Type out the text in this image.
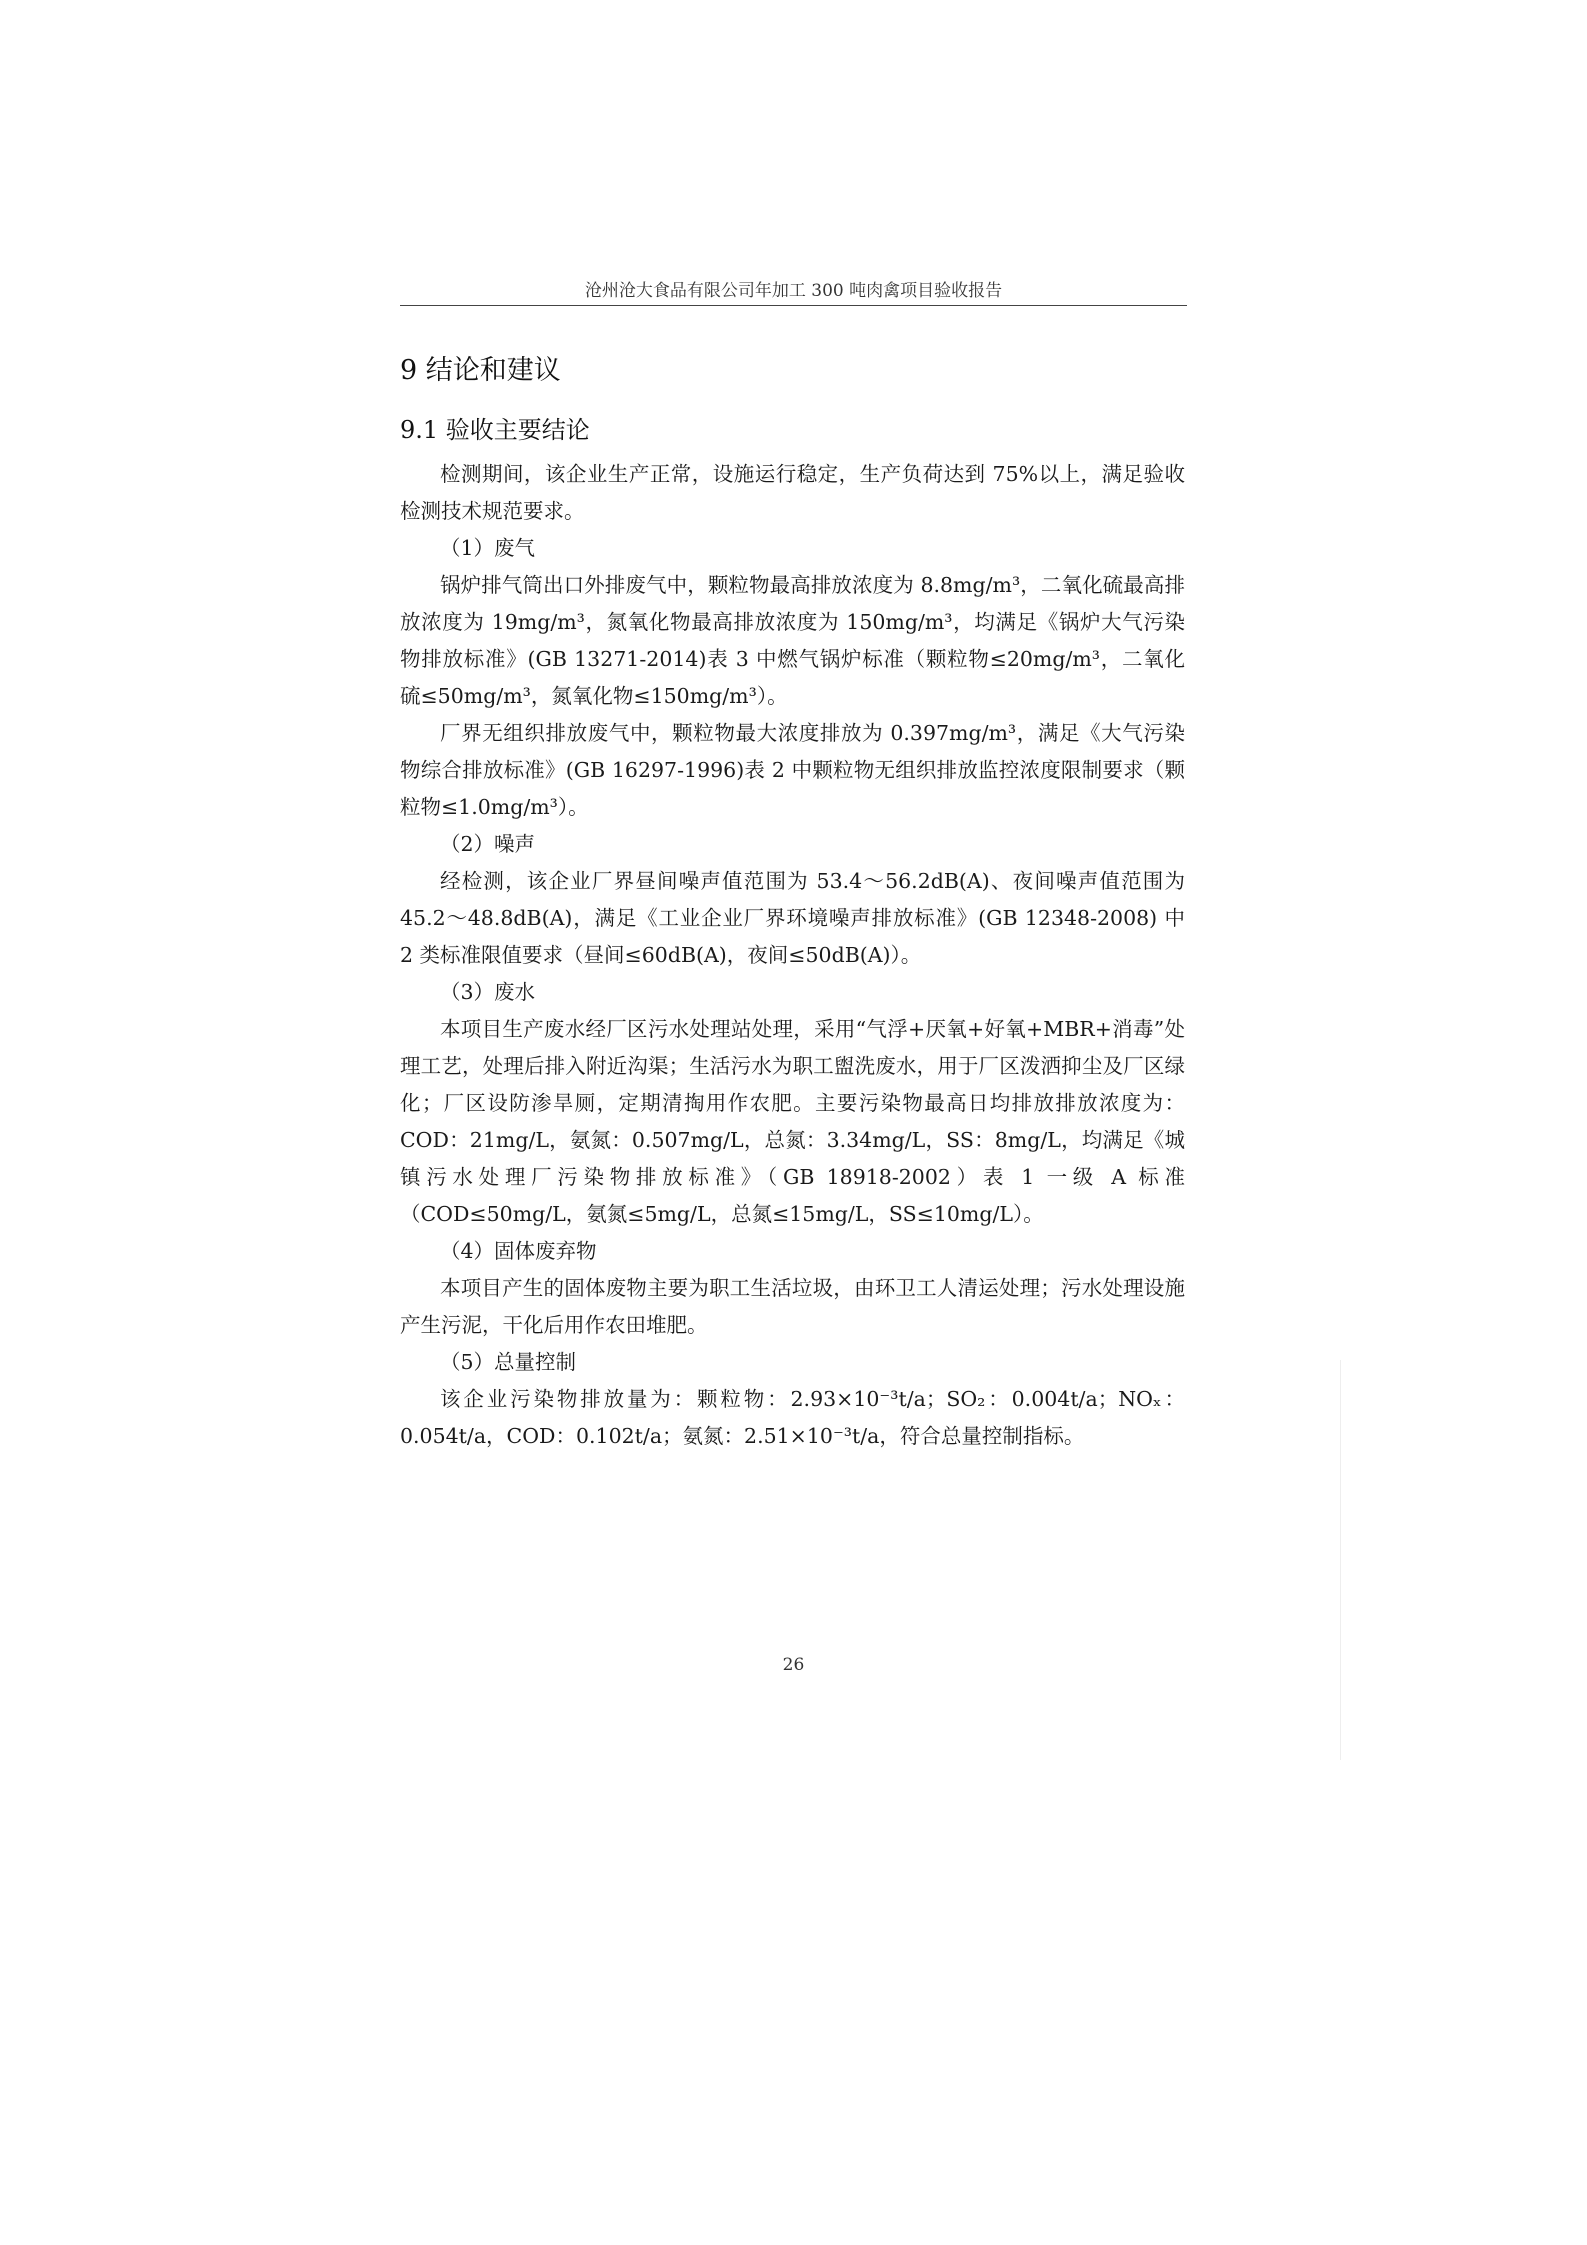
沧州沧大食品有限公司年加工 300 吨肉禽项目验收报告
9 结论和建议
9.1 验收主要结论

检测期间，该企业生产正常，设施运行稳定，生产负荷达到 75%以上，满足验收检测技术规范要求。

（1）废气

锅炉排气筒出口外排废气中，颗粒物最高排放浓度为 8.8mg/m³，二氧化硫最高排放浓度为 19mg/m³，氮氧化物最高排放浓度为 150mg/m³，均满足《锅炉大气污染物排放标准》(GB 13271-2014)表 3 中燃气锅炉标准（颗粒物≤20mg/m³，二氧化硫≤50mg/m³，氮氧化物≤150mg/m³）。

厂界无组织排放废气中，颗粒物最大浓度排放为 0.397mg/m³，满足《大气污染物综合排放标准》(GB 16297-1996)表 2 中颗粒物无组织排放监控浓度限制要求（颗粒物≤1.0mg/m³）。

（2）噪声

经检测，该企业厂界昼间噪声值范围为 53.4～56.2dB(A)、夜间噪声值范围为 45.2～48.8dB(A)，满足《工业企业厂界环境噪声排放标准》(GB 12348-2008) 中 2 类标准限值要求（昼间≤60dB(A)，夜间≤50dB(A)）。

（3）废水

本项目生产废水经厂区污水处理站处理，采用“气浮+厌氧+好氧+MBR+消毒”处理工艺，处理后排入附近沟渠；生活污水为职工盥洗废水，用于厂区泼洒抑尘及厂区绿化；厂区设防渗旱厕，定期清掏用作农肥。主要污染物最高日均排放排放浓度为：COD：21mg/L，氨氮：0.507mg/L，总氮：3.34mg/L，SS：8mg/L，均满足《城镇污水处理厂污染物排放标准》（GB 18918-2002）表 1 一级 A 标准（COD≤50mg/L，氨氮≤5mg/L，总氮≤15mg/L，SS≤10mg/L）。

（4）固体废弃物

本项目产生的固体废物主要为职工生活垃圾，由环卫工人清运处理；污水处理设施产生污泥，干化后用作农田堆肥。

（5）总量控制

该企业污染物排放量为：颗粒物：2.93×10⁻³t/a；SO₂：0.004t/a；NOₓ：0.054t/a，COD：0.102t/a；氨氮：2.51×10⁻³t/a，符合总量控制指标。

26
